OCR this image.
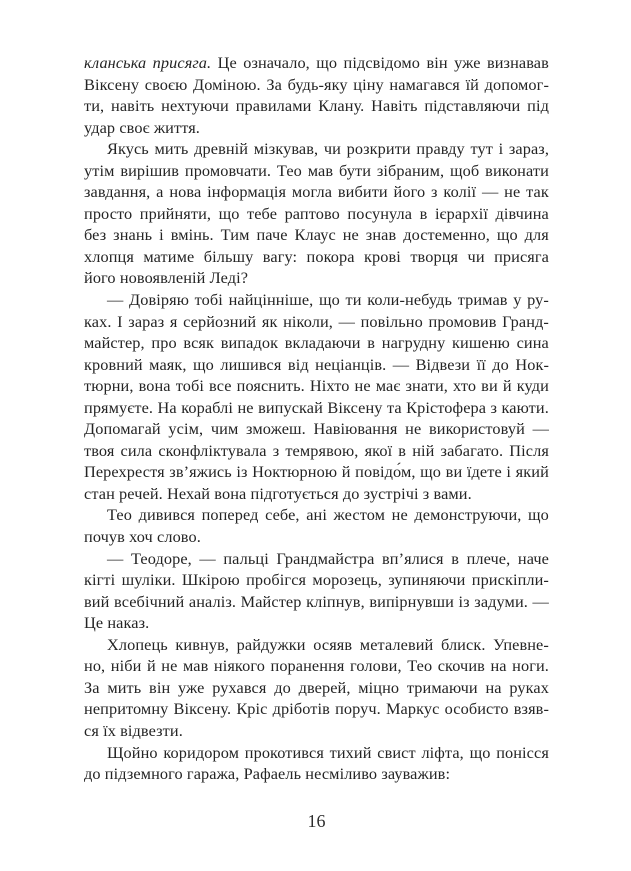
кланська присяга. Це означало, що підсвідомо він уже визнавав
Віксену своєю Доміною. За будь-яку ціну намагався їй допомог-
ти, навіть нехтуючи правилами Клану. Навіть підставляючи під
удар своє життя.
Якусь мить древній мізкував, чи розкрити правду тут і зараз,
утім вирішив промовчати. Тео мав бути зібраним, щоб виконати
завдання, а нова інформація могла вибити його з колії — не так
просто прийняти, що тебе раптово посунула в ієрархії дівчина
без знань і вмінь. Тим паче Клаус не знав достеменно, що для
хлопця матиме більшу вагу: покора крові творця чи присяга
його новоявленій Леді?
— Довіряю тобі найцінніше, що ти коли-небудь тримав у ру-
ках. І зараз я серйозний як ніколи, — повільно промовив Гранд-
майстер, про всяк випадок вкладаючи в нагрудну кишеню сина
кровний маяк, що лишився від неціанців. — Відвези її до Нок-
тюрни, вона тобі все пояснить. Ніхто не має знати, хто ви й куди
прямуєте. На кораблі не випускай Віксену та Крістофера з каюти.
Допомагай усім, чим зможеш. Навіювання не використовуй —
твоя сила сконфліктувала з темрявою, якої в ній забагато. Після
Перехрестя зв’яжись із Ноктюрною й повідо́м, що ви їдете і який
стан речей. Нехай вона підготується до зустрічі з вами.
Тео дивився поперед себе, ані жестом не демонструючи, що
почув хоч слово.
— Теодоре, — пальці Грандмайстра вп’ялися в плече, наче
кігті шуліки. Шкірою пробігся морозець, зупиняючи прискіпли-
вий всебічний аналіз. Майстер кліпнув, випірнувши із задуми. —
Це наказ.
Хлопець кивнув, райдужки осяяв металевий блиск. Упевне-
но, ніби й не мав ніякого поранення голови, Тео скочив на ноги.
За мить він уже рухався до дверей, міцно тримаючи на руках
непритомну Віксену. Кріс дріботів поруч. Маркус особисто взяв-
ся їх відвезти.
Щойно коридором прокотився тихий свист ліфта, що понісся
до підземного гаража, Рафаель несміливо зауважив:
16
